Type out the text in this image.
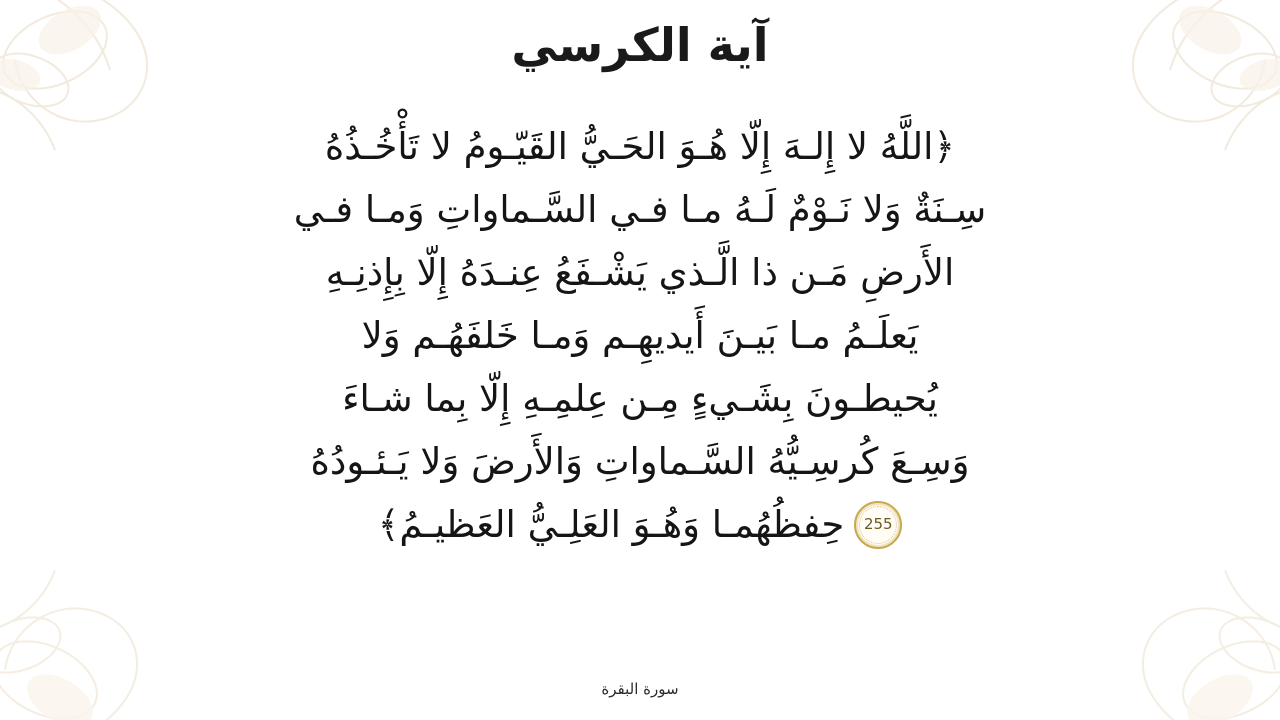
آية الكرسي
﴿اللَّهُ لا إِلـهَ إِلّا هُـوَ الحَـيُّ القَيّـومُ لا تَأْخُـذُهُ
سِـنَةٌ وَلا نَـوْمٌ لَـهُ مـا فـي السَّـماواتِ وَمـا فـي
الأَرضِ مَـن ذا الَّـذي يَشْـفَعُ عِنـدَهُ إِلّا بِإِذنِـهِ
يَعلَـمُ مـا بَيـنَ أَيديهِـم وَمـا خَلفَهُـم وَلا
يُحيطـونَ بِشَـيءٍ مِـن عِلمِـهِ إِلّا بِما شـاءَ
وَسِـعَ كُرسِـيُّهُ السَّـماواتِ وَالأَرضَ وَلا يَـئـودُهُ
حِفظُهُمـا وَهُـوَ العَلِـيُّ العَظيـمُ﴾ 255
سورة البقرة
